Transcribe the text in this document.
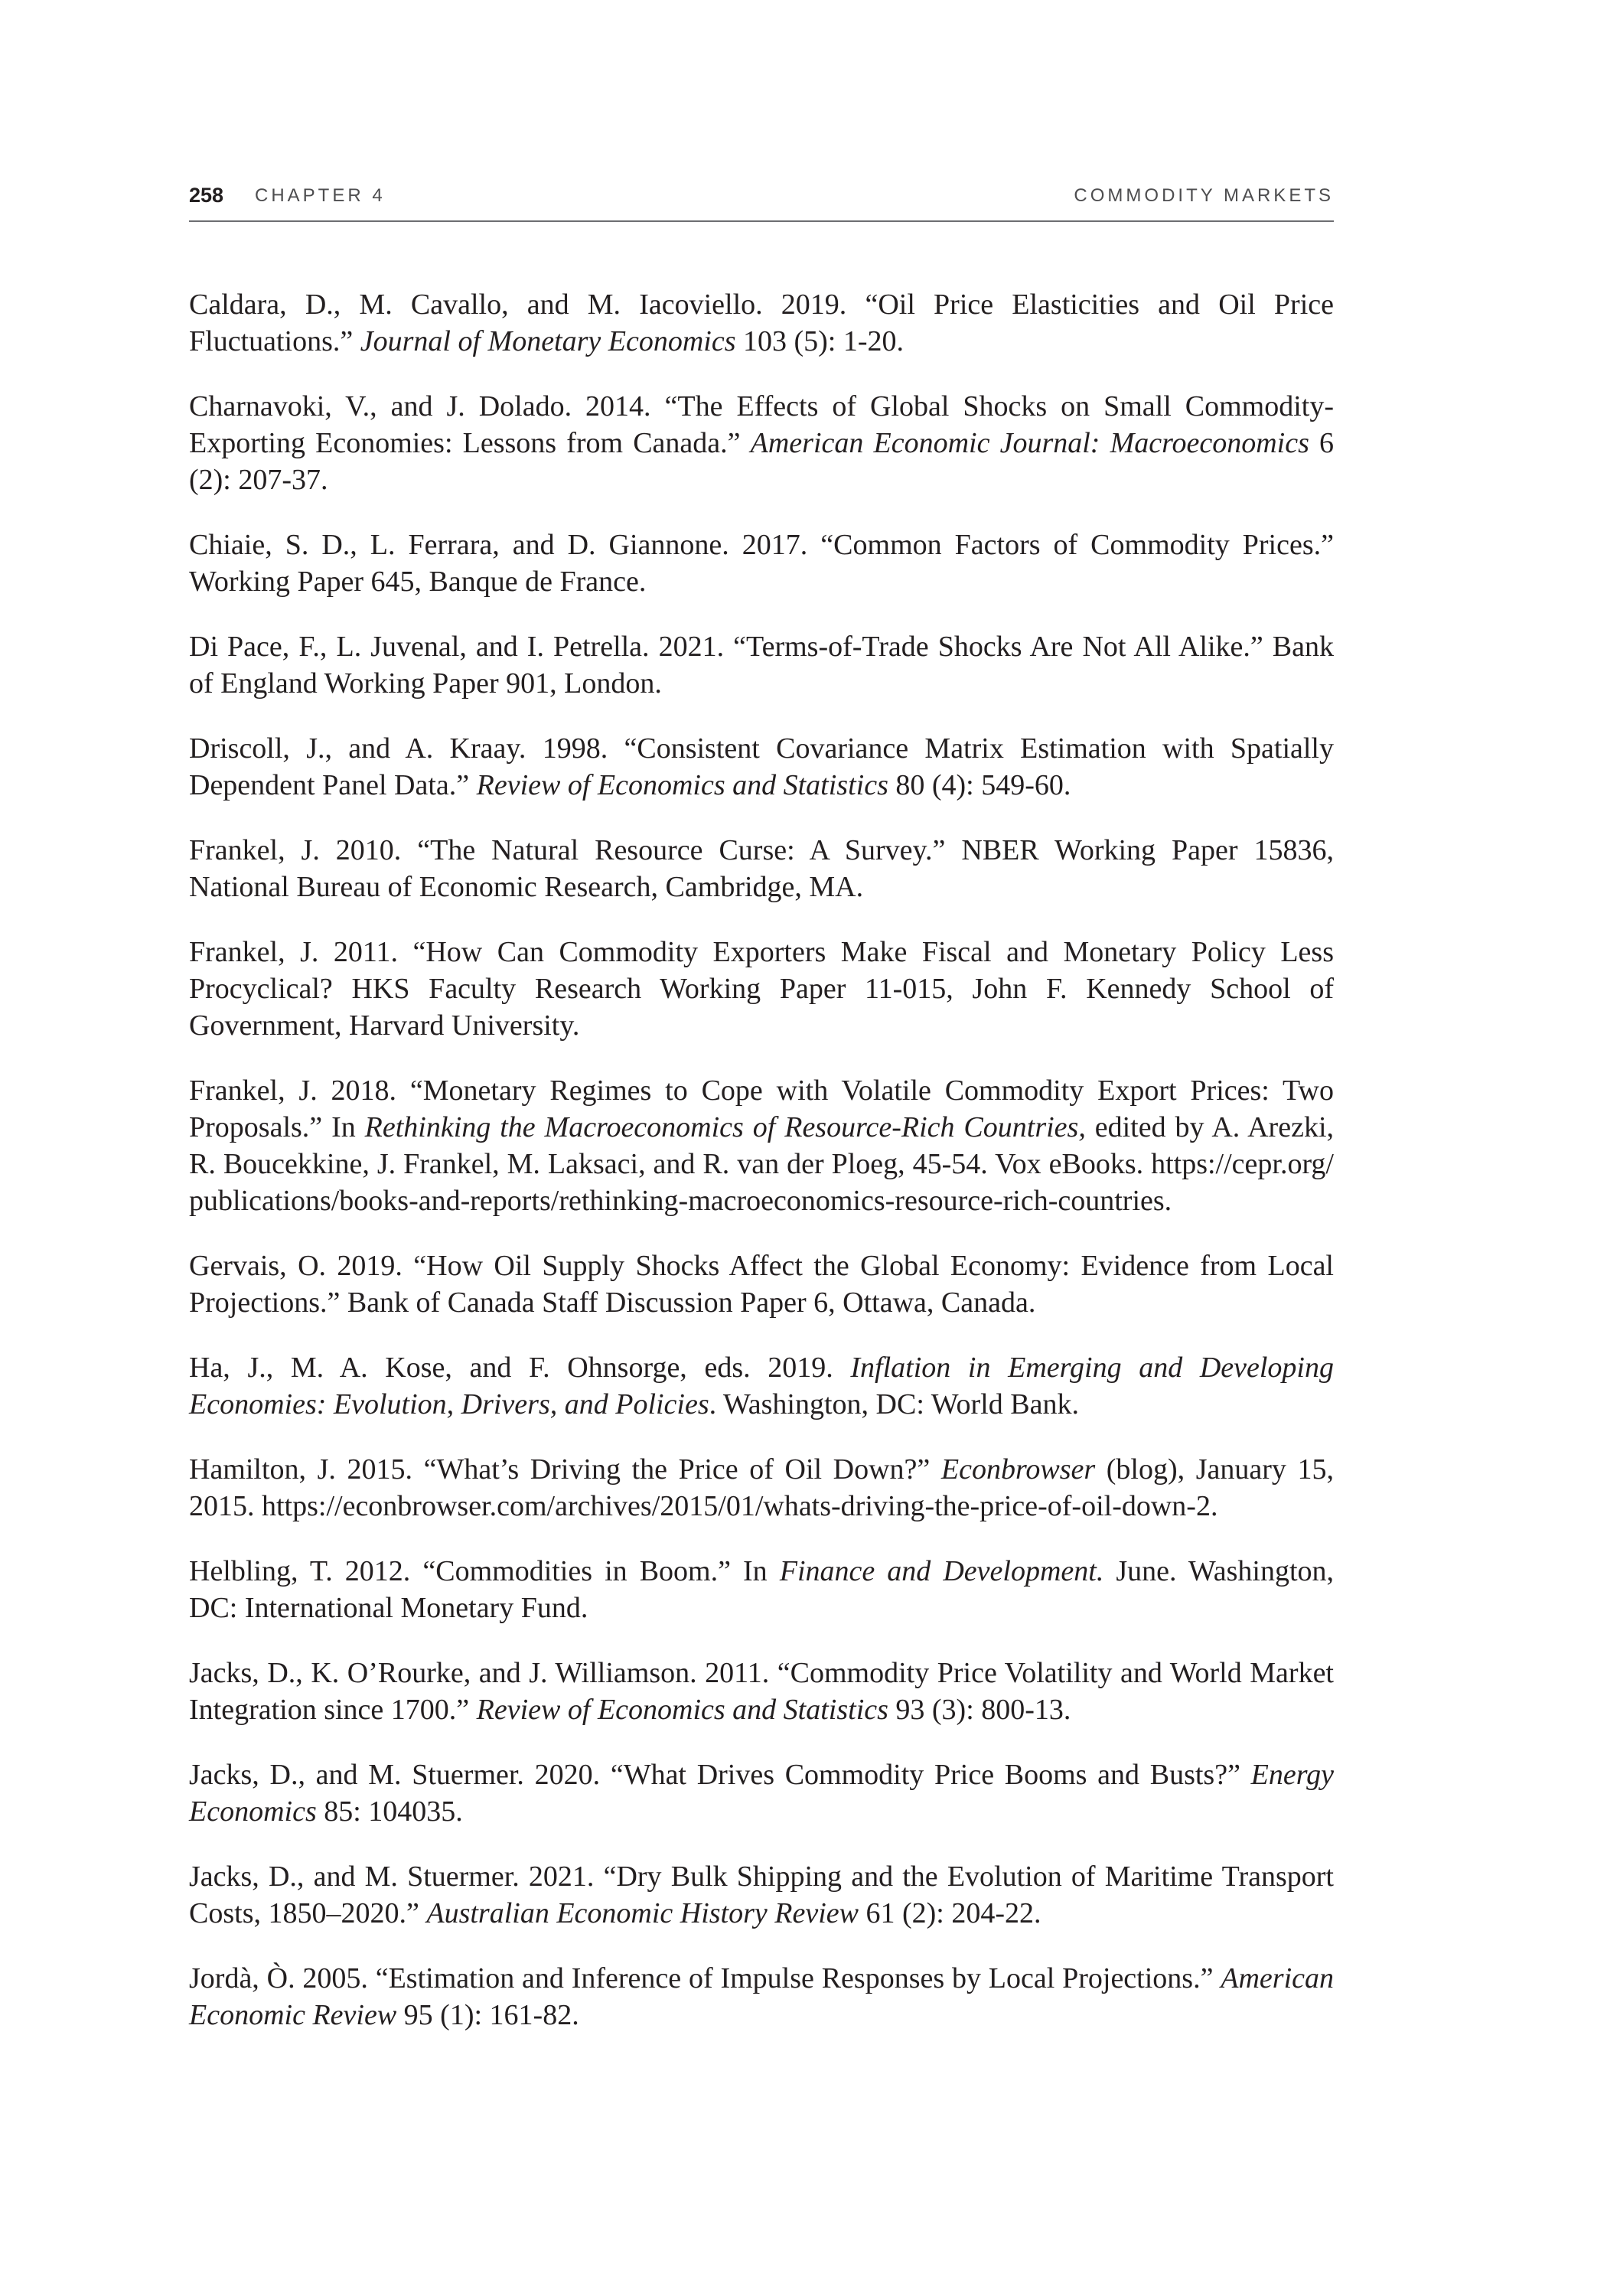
258 CHAPTER 4	COMMODITY MARKETS

Caldara, D., M. Cavallo, and M. Iacoviello. 2019. “Oil Price Elasticities and Oil Price Fluctuations.” Journal of Monetary Economics 103 (5): 1-20.

Charnavoki, V., and J. Dolado. 2014. “The Effects of Global Shocks on Small Commodity-Exporting Economies: Lessons from Canada.” American Economic Journal: Macroeconomics 6 (2): 207-37.

Chiaie, S. D., L. Ferrara, and D. Giannone. 2017. “Common Factors of Commodity Prices.” Working Paper 645, Banque de France.

Di Pace, F., L. Juvenal, and I. Petrella. 2021. “Terms-of-Trade Shocks Are Not All Alike.” Bank of England Working Paper 901, London.

Driscoll, J., and A. Kraay. 1998. “Consistent Covariance Matrix Estimation with Spatially Dependent Panel Data.” Review of Economics and Statistics 80 (4): 549-60.

Frankel, J. 2010. “The Natural Resource Curse: A Survey.” NBER Working Paper 15836, National Bureau of Economic Research, Cambridge, MA.

Frankel, J. 2011. “How Can Commodity Exporters Make Fiscal and Monetary Policy Less Procyclical? HKS Faculty Research Working Paper 11-015, John F. Kennedy School of Government, Harvard University.

Frankel, J. 2018. “Monetary Regimes to Cope with Volatile Commodity Export Prices: Two Proposals.” In Rethinking the Macroeconomics of Resource-Rich Countries, edited by A. Arezki, R. Boucekkine, J. Frankel, M. Laksaci, and R. van der Ploeg, 45-54. Vox eBooks. https://cepr.org/publications/books-and-reports/rethinking-macroeconomics-resource-rich-countries.

Gervais, O. 2019. “How Oil Supply Shocks Affect the Global Economy: Evidence from Local Projections.” Bank of Canada Staff Discussion Paper 6, Ottawa, Canada.

Ha, J., M. A. Kose, and F. Ohnsorge, eds. 2019. Inflation in Emerging and Developing Economies: Evolution, Drivers, and Policies. Washington, DC: World Bank.

Hamilton, J. 2015. “What’s Driving the Price of Oil Down?” Econbrowser (blog), January 15, 2015. https://econbrowser.com/archives/2015/01/whats-driving-the-price-of-oil-down-2.

Helbling, T. 2012. “Commodities in Boom.” In Finance and Development. June. Washington, DC: International Monetary Fund.

Jacks, D., K. O’Rourke, and J. Williamson. 2011. “Commodity Price Volatility and World Market Integration since 1700.” Review of Economics and Statistics 93 (3): 800-13.

Jacks, D., and M. Stuermer. 2020. “What Drives Commodity Price Booms and Busts?” Energy Economics 85: 104035.

Jacks, D., and M. Stuermer. 2021. “Dry Bulk Shipping and the Evolution of Maritime Transport Costs, 1850–2020.” Australian Economic History Review 61 (2): 204-22.

Jordà, Ò. 2005. “Estimation and Inference of Impulse Responses by Local Projections.” American Economic Review 95 (1): 161-82.
